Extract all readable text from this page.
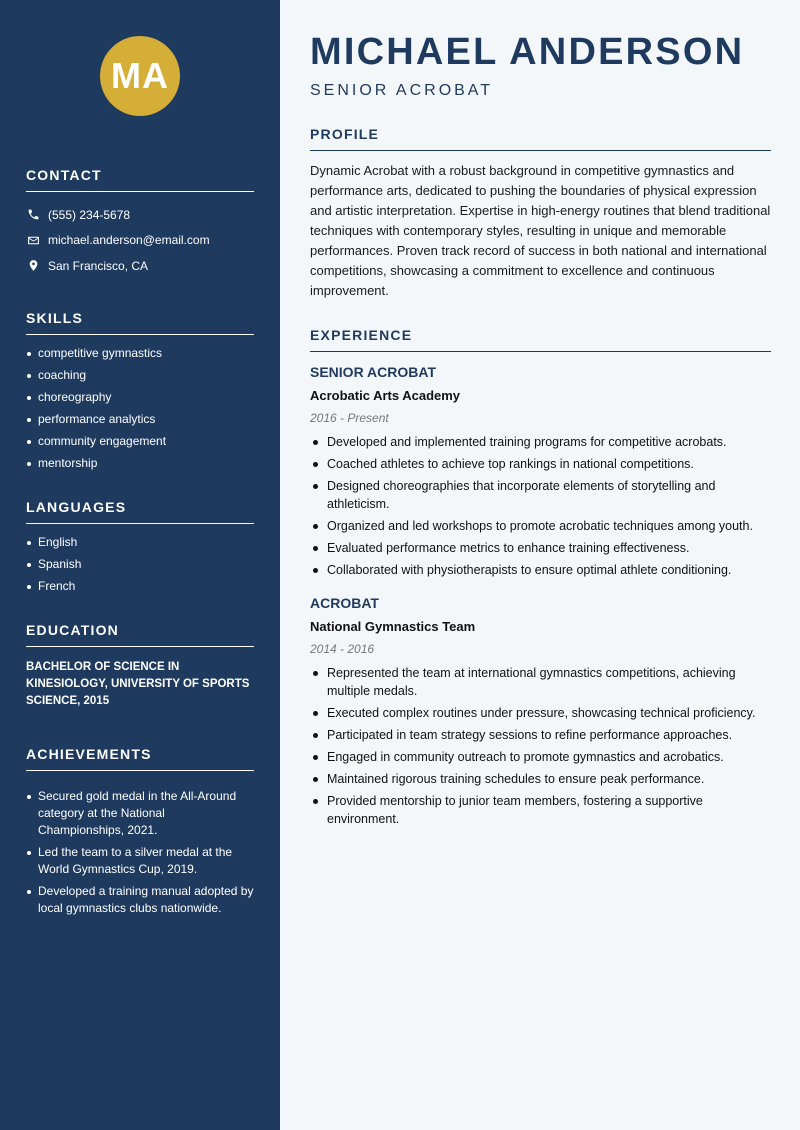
MA
CONTACT
(555) 234-5678
michael.anderson@email.com
San Francisco, CA
SKILLS
competitive gymnastics
coaching
choreography
performance analytics
community engagement
mentorship
LANGUAGES
English
Spanish
French
EDUCATION
BACHELOR OF SCIENCE IN KINESIOLOGY, UNIVERSITY OF SPORTS SCIENCE, 2015
ACHIEVEMENTS
Secured gold medal in the All-Around category at the National Championships, 2021.
Led the team to a silver medal at the World Gymnastics Cup, 2019.
Developed a training manual adopted by local gymnastics clubs nationwide.
MICHAEL ANDERSON
SENIOR ACROBAT
PROFILE

Dynamic Acrobat with a robust background in competitive gymnastics and performance arts, dedicated to pushing the boundaries of physical expression and artistic interpretation. Expertise in high-energy routines that blend traditional techniques with contemporary styles, resulting in unique and memorable performances. Proven track record of success in both national and international competitions, showcasing a commitment to excellence and continuous improvement.

EXPERIENCE
SENIOR ACROBAT
Acrobatic Arts Academy
2016 - Present
Developed and implemented training programs for competitive acrobats.
Coached athletes to achieve top rankings in national competitions.
Designed choreographies that incorporate elements of storytelling and athleticism.
Organized and led workshops to promote acrobatic techniques among youth.
Evaluated performance metrics to enhance training effectiveness.
Collaborated with physiotherapists to ensure optimal athlete conditioning.
ACROBAT
National Gymnastics Team
2014 - 2016
Represented the team at international gymnastics competitions, achieving multiple medals.
Executed complex routines under pressure, showcasing technical proficiency.
Participated in team strategy sessions to refine performance approaches.
Engaged in community outreach to promote gymnastics and acrobatics.
Maintained rigorous training schedules to ensure peak performance.
Provided mentorship to junior team members, fostering a supportive environment.
